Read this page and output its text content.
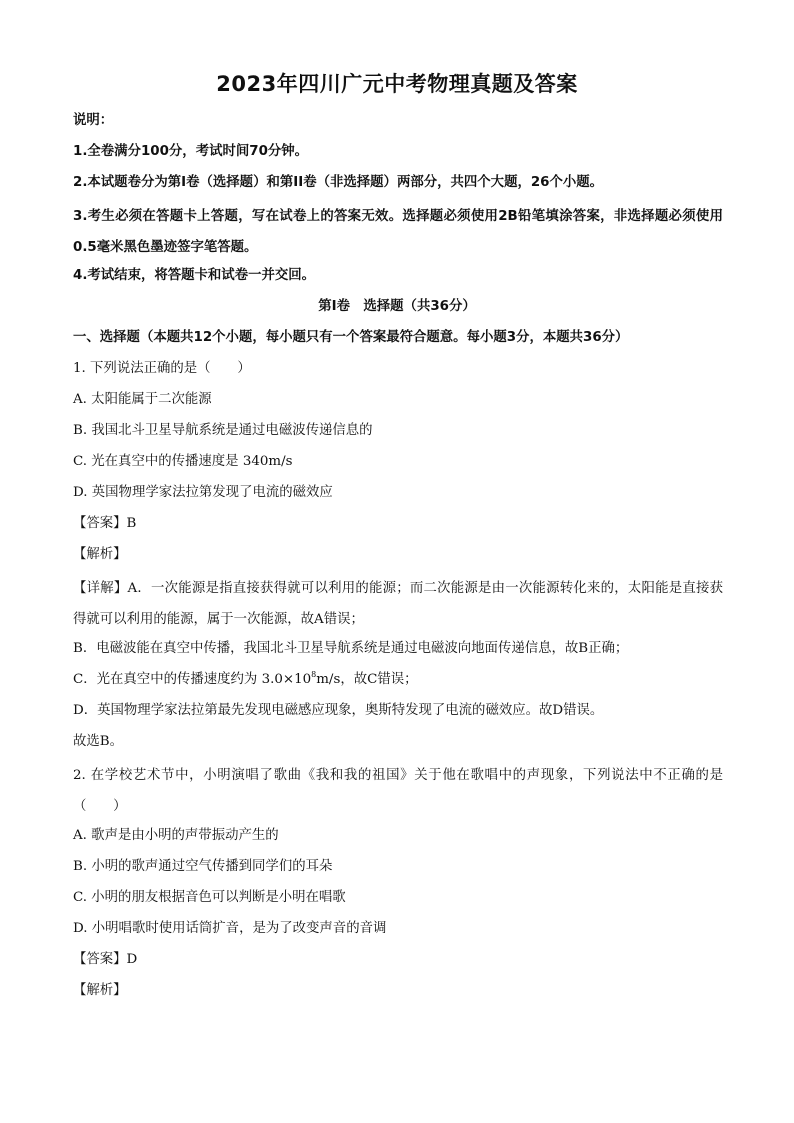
2023年四川广元中考物理真题及答案
说明：
1.全卷满分100分，考试时间70分钟。
2.本试题卷分为第I卷（选择题）和第II卷（非选择题）两部分，共四个大题，26个小题。
3.考生必须在答题卡上答题，写在试卷上的答案无效。选择题必须使用2B铅笔填涂答案，非选择题必须使用0.5毫米黑色墨迹签字笔答题。
4.考试结束，将答题卡和试卷一并交回。
第I卷　选择题（共36分）
一、选择题（本题共12个小题，每小题只有一个答案最符合题意。每小题3分，本题共36分）
1. 下列说法正确的是（　　）
A. 太阳能属于二次能源
B. 我国北斗卫星导航系统是通过电磁波传递信息的
C. 光在真空中的传播速度是 340m/s
D. 英国物理学家法拉第发现了电流的磁效应
【答案】B
【解析】
【详解】A．一次能源是指直接获得就可以利用的能源；而二次能源是由一次能源转化来的，太阳能是直接获得就可以利用的能源，属于一次能源，故A错误；
B．电磁波能在真空中传播，我国北斗卫星导航系统是通过电磁波向地面传递信息，故B正确；
C．光在真空中的传播速度约为 $3.0\times 10^8m/s$，故C错误；
D．英国物理学家法拉第最先发现电磁感应现象，奥斯特发现了电流的磁效应。故D错误。
故选B。
2. 在学校艺术节中，小明演唱了歌曲《我和我的祖国》关于他在歌唱中的声现象，下列说法中不正确的是（　　）
A. 歌声是由小明的声带振动产生的
B. 小明的歌声通过空气传播到同学们的耳朵
C. 小明的朋友根据音色可以判断是小明在唱歌
D. 小明唱歌时使用话筒扩音，是为了改变声音的音调
【答案】D
【解析】
